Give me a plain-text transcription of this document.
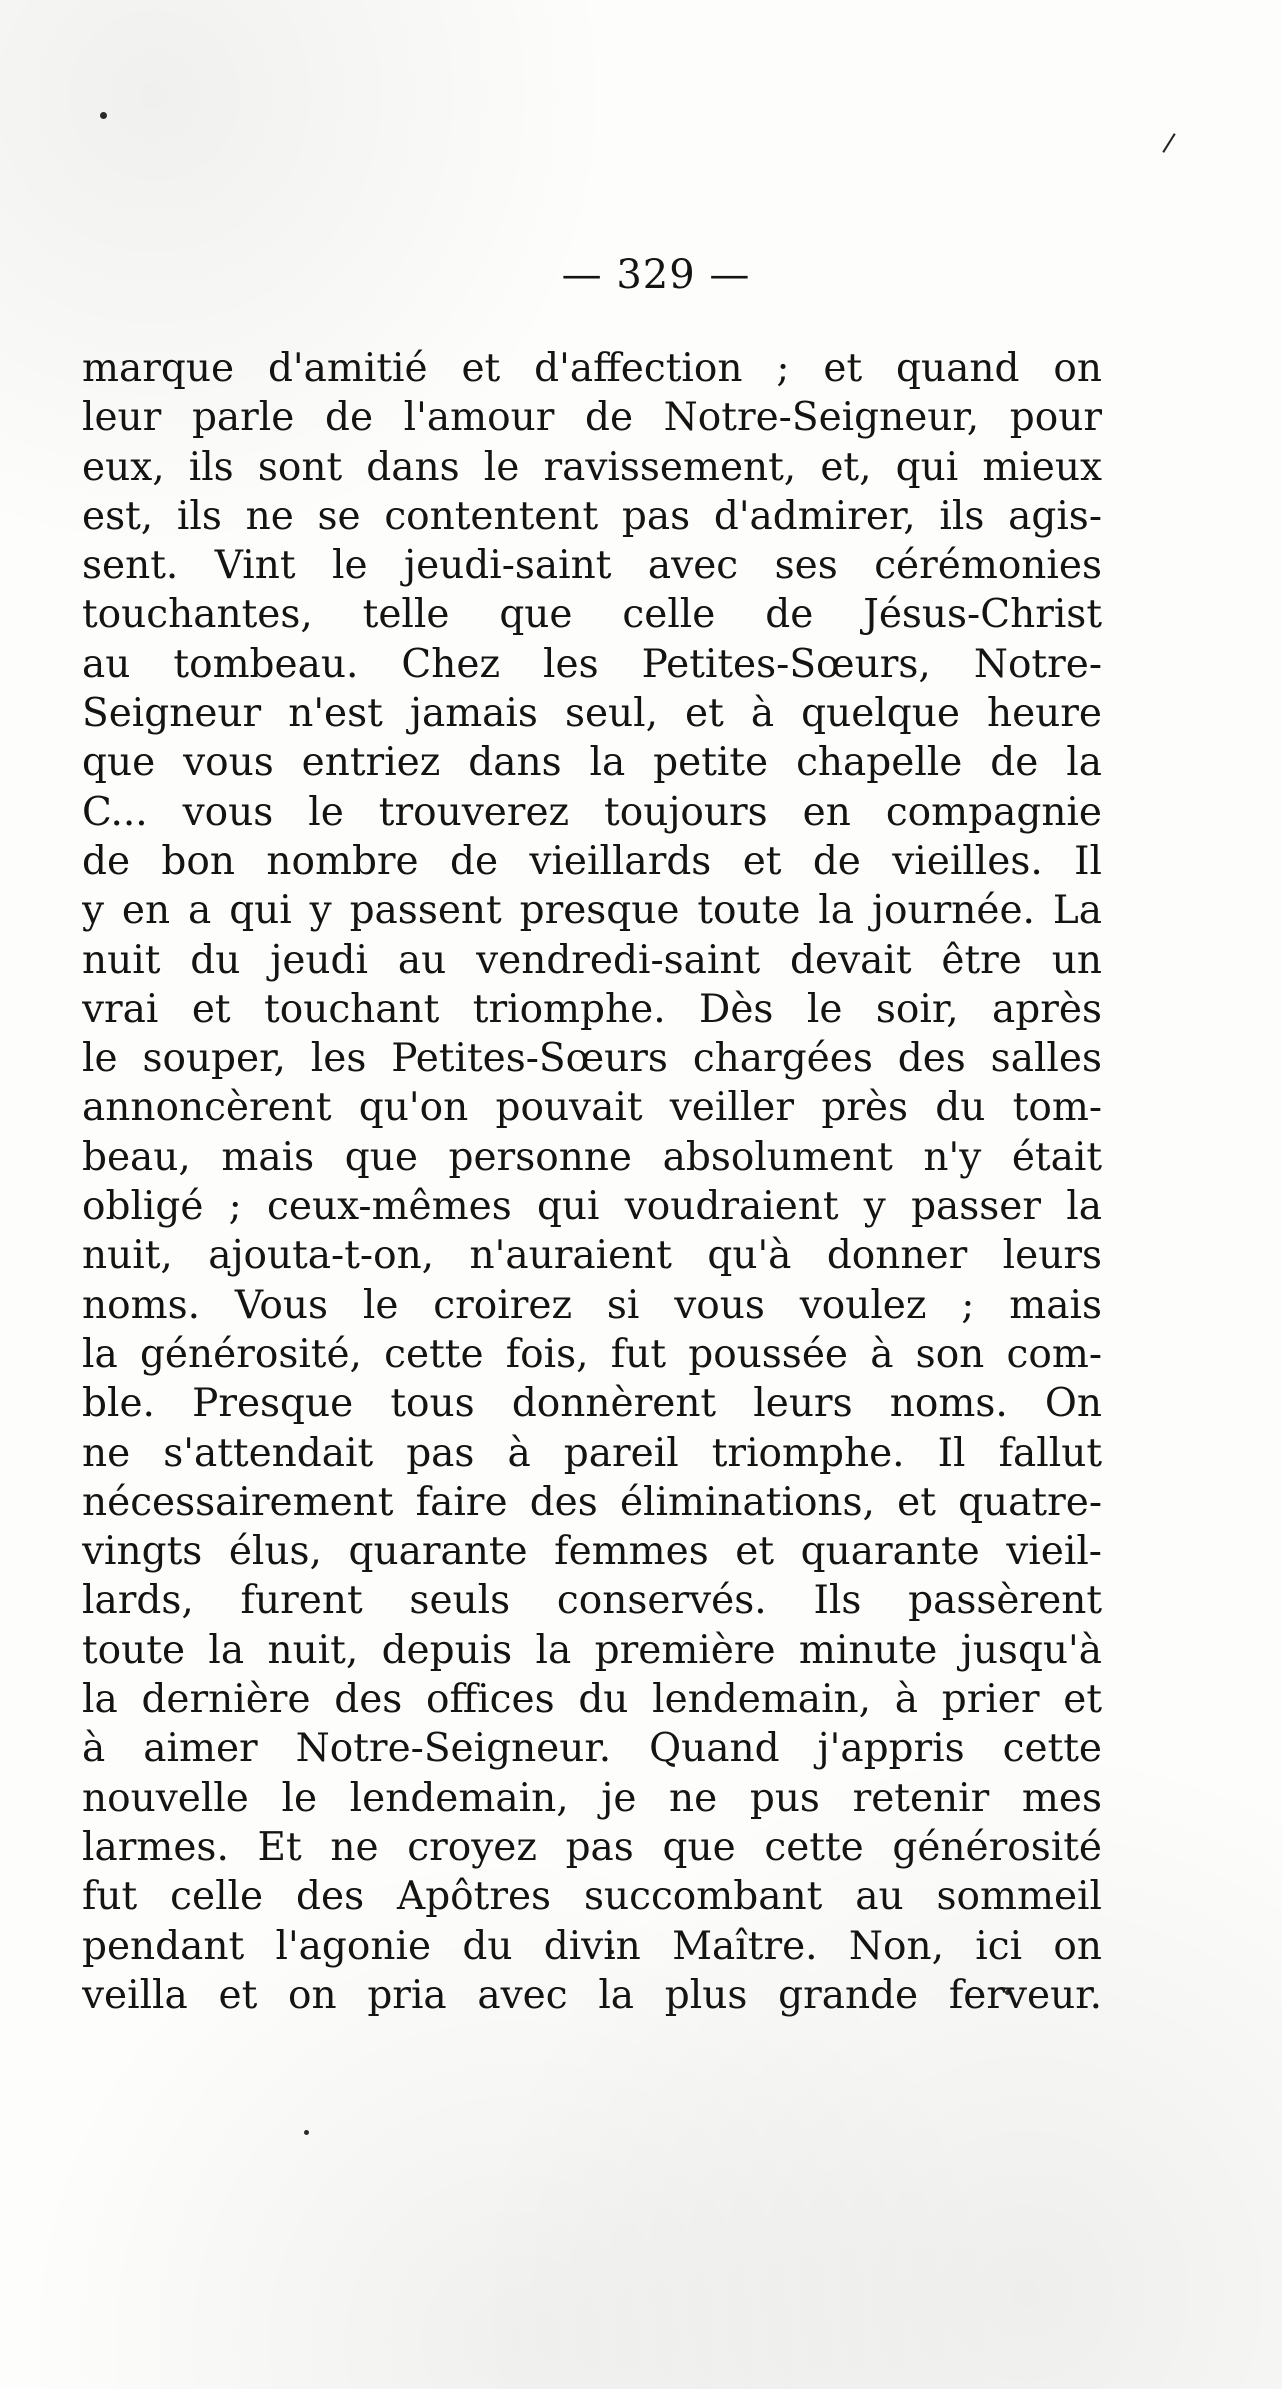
— 329 —
marque d'amitié et d'affection ; et quand on
leur parle de l'amour de Notre-Seigneur, pour
eux, ils sont dans le ravissement, et, qui mieux
est, ils ne se contentent pas d'admirer, ils agis-
sent. Vint le jeudi-saint avec ses cérémonies
touchantes, telle que celle de Jésus-Christ
au tombeau. Chez les Petites-Sœurs, Notre-
Seigneur n'est jamais seul, et à quelque heure
que vous entriez dans la petite chapelle de la
C... vous le trouverez toujours en compagnie
de bon nombre de vieillards et de vieilles. Il
y en a qui y passent presque toute la journée. La
nuit du jeudi au vendredi-saint devait être un
vrai et touchant triomphe. Dès le soir, après
le souper, les Petites-Sœurs chargées des salles
annoncèrent qu'on pouvait veiller près du tom-
beau, mais que personne absolument n'y était
obligé ; ceux-mêmes qui voudraient y passer la
nuit, ajouta-t-on, n'auraient qu'à donner leurs
noms. Vous le croirez si vous voulez ; mais
la générosité, cette fois, fut poussée à son com-
ble. Presque tous donnèrent leurs noms. On
ne s'attendait pas à pareil triomphe. Il fallut
nécessairement faire des éliminations, et quatre-
vingts élus, quarante femmes et quarante vieil-
lards, furent seuls conservés. Ils passèrent
toute la nuit, depuis la première minute jusqu'à
la dernière des offices du lendemain, à prier et
à aimer Notre-Seigneur. Quand j'appris cette
nouvelle le lendemain, je ne pus retenir mes
larmes. Et ne croyez pas que cette générosité
fut celle des Apôtres succombant au sommeil
pendant l'agonie du divin Maître. Non, ici on
veilla et on pria avec la plus grande ferveur.
